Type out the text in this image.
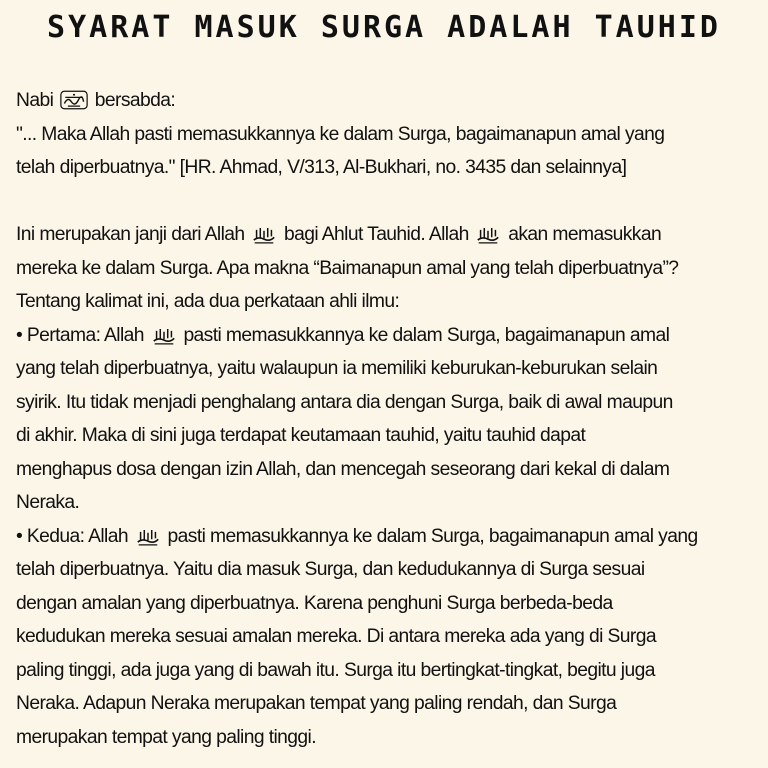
SYARAT MASUK SURGA ADALAH TAUHID
Nabi bersabda:
"... Maka Allah pasti memasukkannya ke dalam Surga, bagaimanapun amal yang
telah diperbuatnya." [HR. Ahmad, V/313, Al-Bukhari, no. 3435 dan selainnya]
Ini merupakan janji dari Allah bagi Ahlut Tauhid. Allah akan memasukkan
mereka ke dalam Surga. Apa makna “Baimanapun amal yang telah diperbuatnya”?
Tentang kalimat ini, ada dua perkataan ahli ilmu:
• Pertama: Allah pasti memasukkannya ke dalam Surga, bagaimanapun amal
yang telah diperbuatnya, yaitu walaupun ia memiliki keburukan-keburukan selain
syirik. Itu tidak menjadi penghalang antara dia dengan Surga, baik di awal maupun
di akhir. Maka di sini juga terdapat keutamaan tauhid, yaitu tauhid dapat
menghapus dosa dengan izin Allah, dan mencegah seseorang dari kekal di dalam
Neraka.
• Kedua: Allah pasti memasukkannya ke dalam Surga, bagaimanapun amal yang
telah diperbuatnya. Yaitu dia masuk Surga, dan kedudukannya di Surga sesuai
dengan amalan yang diperbuatnya. Karena penghuni Surga berbeda-beda
kedudukan mereka sesuai amalan mereka. Di antara mereka ada yang di Surga
paling tinggi, ada juga yang di bawah itu. Surga itu bertingkat-tingkat, begitu juga
Neraka. Adapun Neraka merupakan tempat yang paling rendah, dan Surga
merupakan tempat yang paling tinggi.
